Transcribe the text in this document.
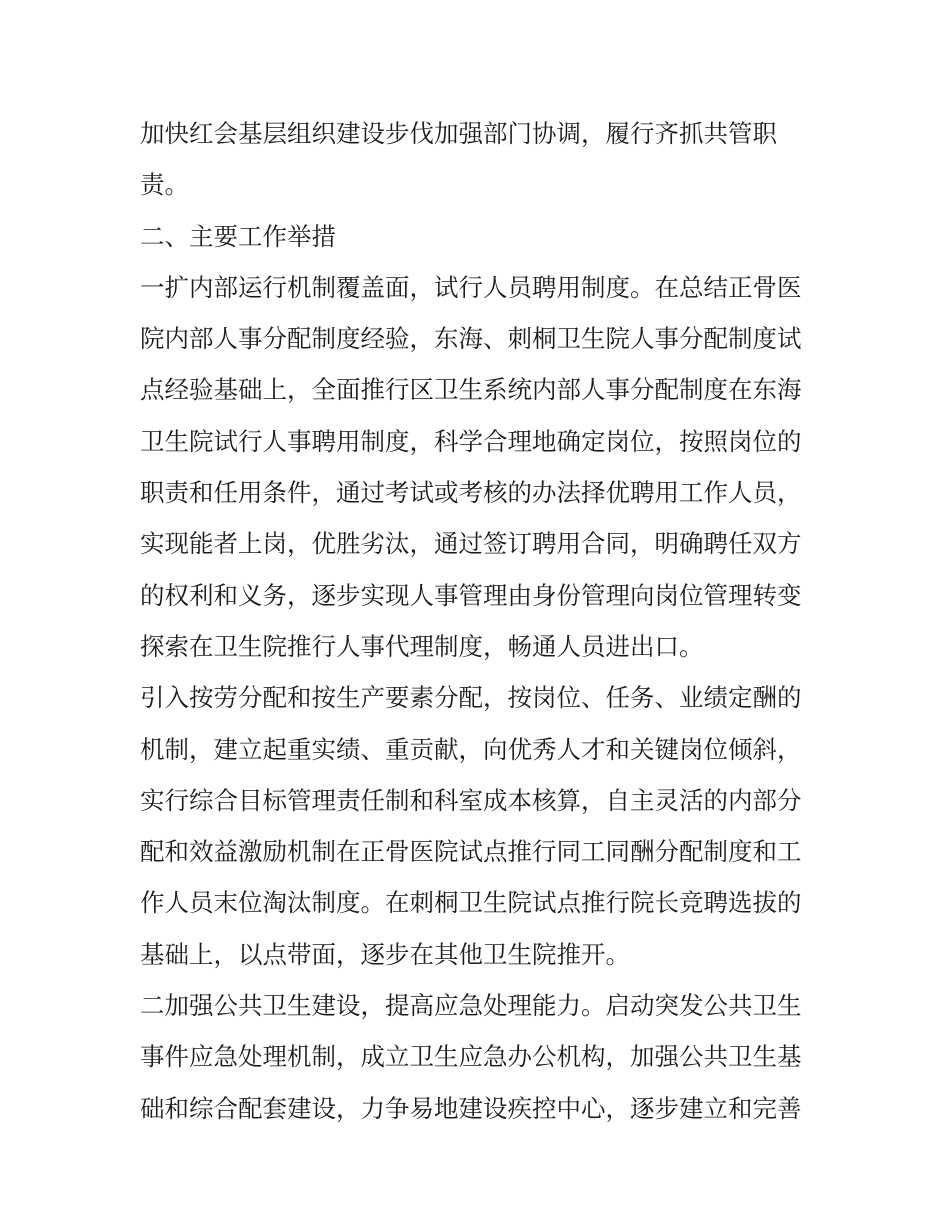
加快红会基层组织建设步伐加强部门协调，履行齐抓共管职
责。
二、主要工作举措
一扩内部运行机制覆盖面，试行人员聘用制度。在总结正骨医
院内部人事分配制度经验，东海、刺桐卫生院人事分配制度试
点经验基础上，全面推行区卫生系统内部人事分配制度在东海
卫生院试行人事聘用制度，科学合理地确定岗位，按照岗位的
职责和任用条件，通过考试或考核的办法择优聘用工作人员，
实现能者上岗，优胜劣汰，通过签订聘用合同，明确聘任双方
的权利和义务，逐步实现人事管理由身份管理向岗位管理转变
探索在卫生院推行人事代理制度，畅通人员进出口。
引入按劳分配和按生产要素分配，按岗位、任务、业绩定酬的
机制，建立起重实绩、重贡献，向优秀人才和关键岗位倾斜，
实行综合目标管理责任制和科室成本核算，自主灵活的内部分
配和效益激励机制在正骨医院试点推行同工同酬分配制度和工
作人员末位淘汰制度。在刺桐卫生院试点推行院长竞聘选拔的
基础上，以点带面，逐步在其他卫生院推开。
二加强公共卫生建设，提高应急处理能力。启动突发公共卫生
事件应急处理机制，成立卫生应急办公机构，加强公共卫生基
础和综合配套建设，力争易地建设疾控中心，逐步建立和完善
